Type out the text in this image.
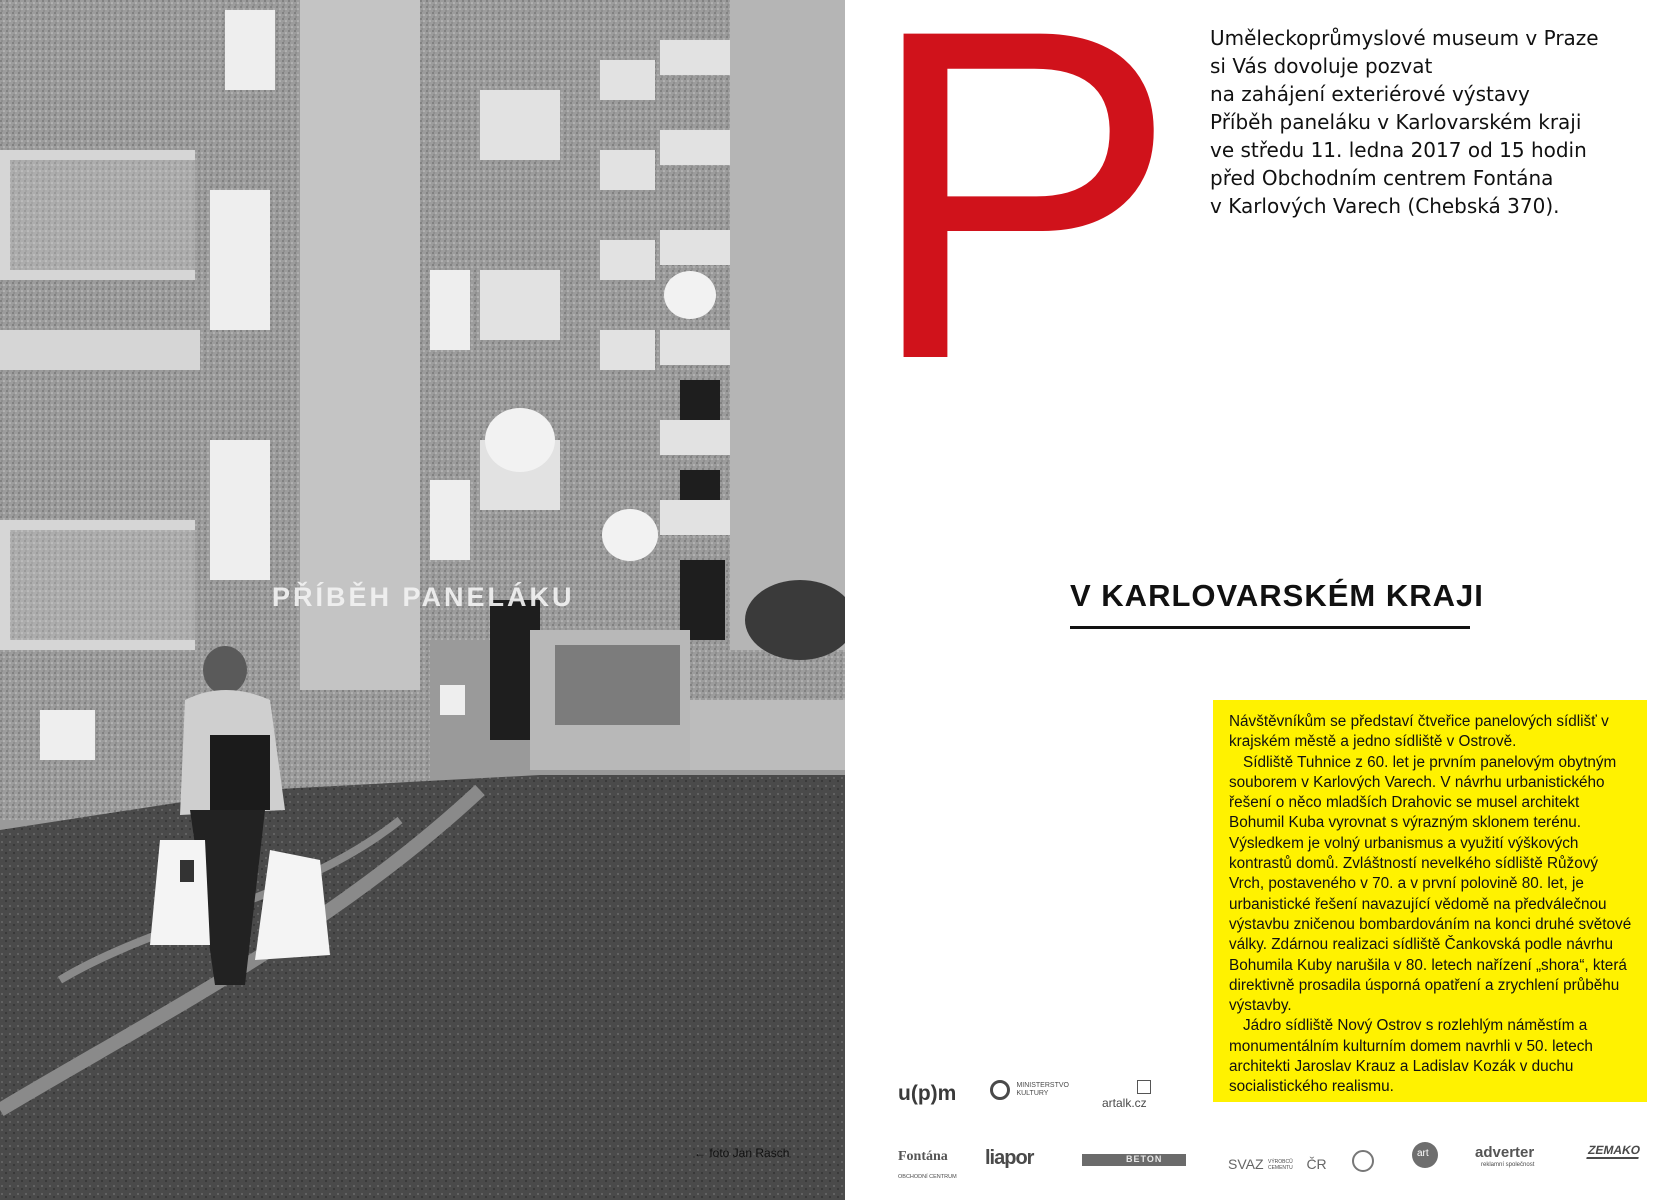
PŘÍBĚH PANELÁKU
← foto Jan Rasch
P Uměleckoprůmyslové museum v Praze
si Vás dovoluje pozvat
na zahájení exteriérové výstavy
Příběh paneláku v Karlovarském kraji
ve středu 11. ledna 2017 od 15 hodin
před Obchodním centrem Fontána
v Karlových Varech (Chebská 370).
V KARLOVARSKÉM KRAJI

Návštěvníkům se představí čtveřice panelových sídlišť v krajském městě a jedno sídliště v Ostrově.

Sídliště Tuhnice z 60. let je prvním panelovým obytným souborem v Karlových Varech. V návrhu urbanistického řešení o něco mladších Drahovic se musel architekt Bohumil Kuba vyrovnat s výrazným sklonem terénu. Výsledkem je volný urbanismus a využití výškových kontrastů domů. Zvláštností nevelkého sídliště Růžový Vrch, postaveného v 70. a v první polovině 80. let, je urbanistické řešení navazující vědomě na předválečnou výstavbu zničenou bombardováním na konci druhé světové války. Zdárnou realizaci sídliště Čankovská podle návrhu Bohumila Kuby narušila v 80. letech nařízení „shora“, která direktivně prosadila úsporná opatření a zrychlení průběhu výstavby.

Jádro sídliště Nový Ostrov s rozlehlým náměstím a monumentálním kulturním domem navrhli v 50. letech architekti Jaroslav Krauz a Ladislav Kozák v duchu socialistického realismu.

u(p)m	MINISTERSTVO KULTURY
artalk.cz
Fontána
OBCHODNÍ CENTRUM
liapor	BETON	SVAZ VÝROBCŮ CEMENTU ČR
art	adverter

reklamní společnost
ZEMAKO
